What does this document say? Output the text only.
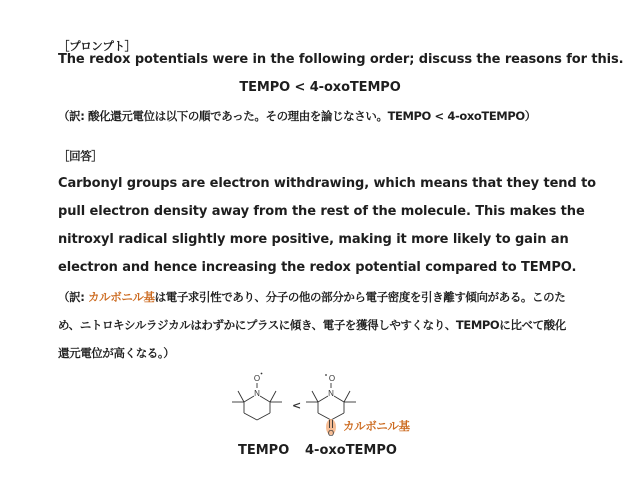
［プロンプト］
The redox potentials were in the following order; discuss the reasons for this.
TEMPO < 4-oxoTEMPO
（訳: 酸化還元電位は以下の順であった。その理由を論じなさい。TEMPO < 4-oxoTEMPO）
［回答］
Carbonyl groups are electron withdrawing, which means that they tend to
pull electron density away from the rest of the molecule. This makes the
nitroxyl radical slightly more positive, making it more likely to gain an
electron and hence increasing the redox potential compared to TEMPO.
（訳: カルボニル基は電子求引性であり、分子の他の部分から電子密度を引き離す傾向がある。このた
め、ニトロキシルラジカルはわずかにプラスに傾き、電子を獲得しやすくなり、TEMPOに比べて酸化
還元電位が高くなる。）
N
O
<
N
O
O
カルボニル基
TEMPO 4-oxoTEMPO
